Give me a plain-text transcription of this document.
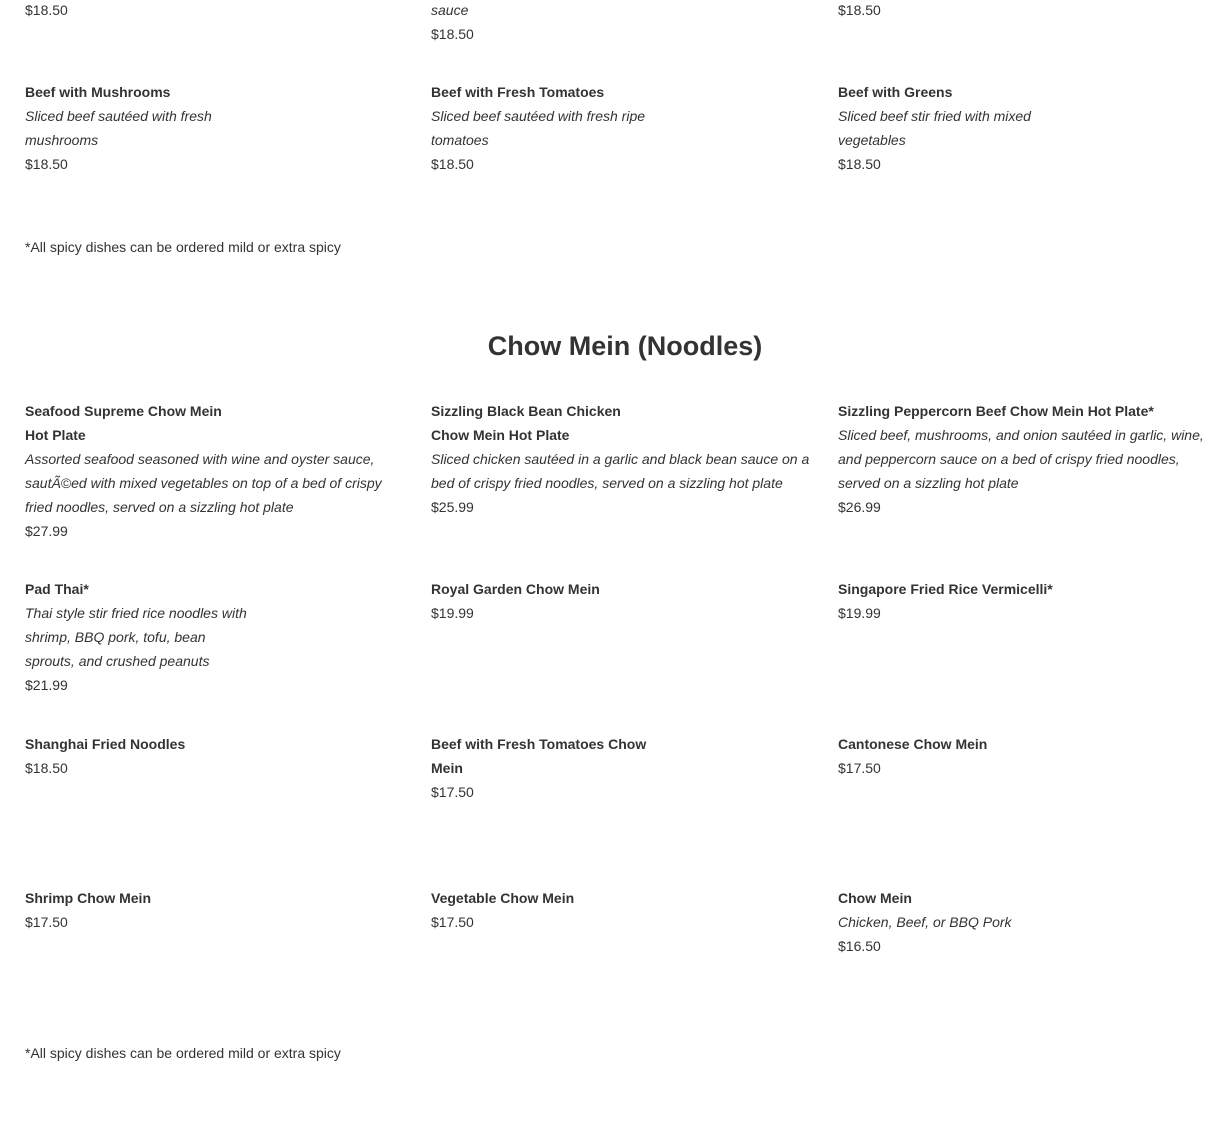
$18.50	sauce
$18.50
$18.50
Beef with Mushrooms
Sliced beef sautéed with fresh
mushrooms
$18.50
Beef with Fresh Tomatoes
Sliced beef sautéed with fresh ripe
tomatoes
$18.50
Beef with Greens
Sliced beef stir fried with mixed
vegetables
$18.50
*All spicy dishes can be ordered mild or extra spicy
Chow Mein (Noodles)
Seafood Supreme Chow Mein
Hot Plate
Assorted seafood seasoned with wine and oyster sauce,
sautÃ©ed with mixed vegetables on top of a bed of crispy
fried noodles, served on a sizzling hot plate
$27.99
Sizzling Black Bean Chicken
Chow Mein Hot Plate
Sliced chicken sautéed in a garlic and black bean sauce on a
bed of crispy fried noodles, served on a sizzling hot plate
$25.99
Sizzling Peppercorn Beef Chow Mein Hot Plate*
Sliced beef, mushrooms, and onion sautéed in garlic, wine,
and peppercorn sauce on a bed of crispy fried noodles,
served on a sizzling hot plate
$26.99
Pad Thai*
Thai style stir fried rice noodles with
shrimp, BBQ pork, tofu, bean
sprouts, and crushed peanuts
$21.99
Royal Garden Chow Mein
$19.99
Singapore Fried Rice Vermicelli*
$19.99
Shanghai Fried Noodles
$18.50
Beef with Fresh Tomatoes Chow
Mein
$17.50
Cantonese Chow Mein
$17.50
Shrimp Chow Mein
$17.50
Vegetable Chow Mein
$17.50
Chow Mein
Chicken, Beef, or BBQ Pork
$16.50
*All spicy dishes can be ordered mild or extra spicy
